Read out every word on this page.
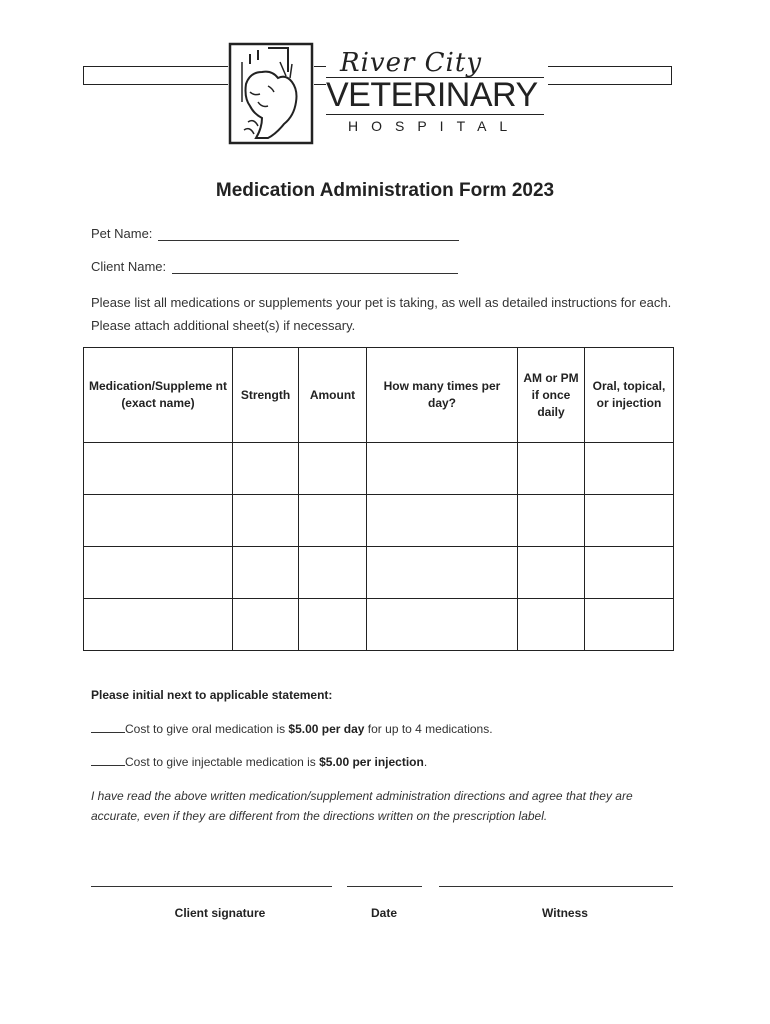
River City
VETERINARY
HOSPITAL
Medication Administration Form 2023
Pet Name:
Client Name:
Please list all medications or supplements your pet is taking, as well as detailed instructions for each. Please attach additional sheet(s) if necessary.
Medication/Suppleme nt (exact name)	Strength	Amount	How many times per day?	AM or PM if once daily	Oral, topical, or injection

Please initial next to applicable statement:
Cost to give oral medication is $5.00 per day for up to 4 medications.
Cost to give injectable medication is $5.00 per injection.
I have read the above written medication/supplement administration directions and agree that they are accurate, even if they are different from the directions written on the prescription label.
Client signature	Date	Witness
